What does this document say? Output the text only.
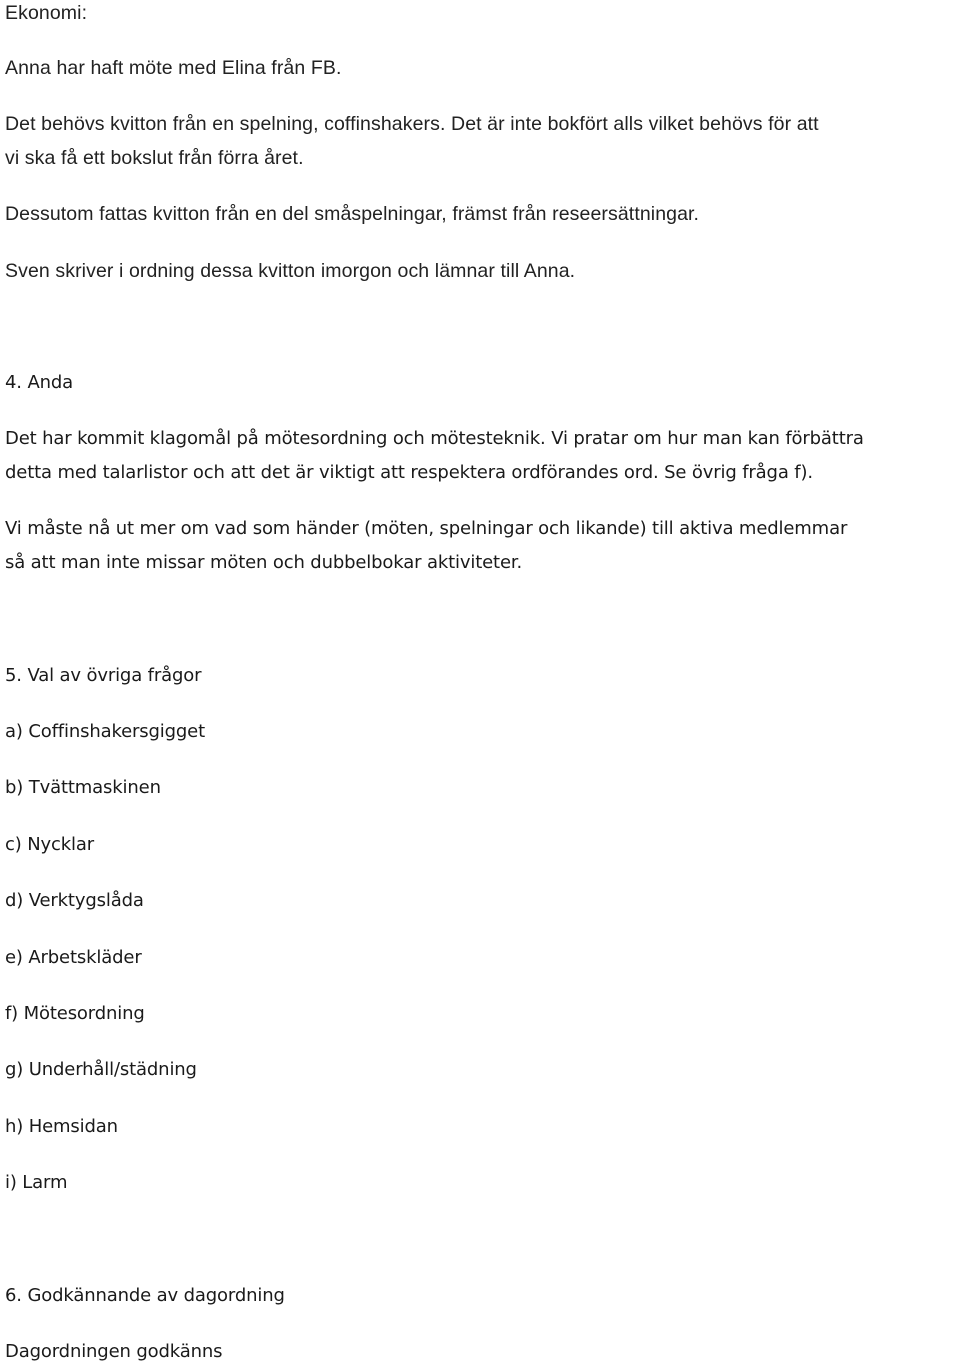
Ekonomi:

Anna har haft möte med Elina från FB.

Det behövs kvitton från en spelning, coffinshakers. Det är inte bokfört alls vilket behövs för att

vi ska få ett bokslut från förra året.

Dessutom fattas kvitton från en del småspelningar, främst från reseersättningar.

Sven skriver i ordning dessa kvitton imorgon och lämnar till Anna.

4. Anda

Det har kommit klagomål på mötesordning och mötesteknik. Vi pratar om hur man kan förbättra

detta med talarlistor och att det är viktigt att respektera ordförandes ord. Se övrig fråga f).

Vi måste nå ut mer om vad som händer (möten, spelningar och likande) till aktiva medlemmar

så att man inte missar möten och dubbelbokar aktiviteter.

5. Val av övriga frågor

a) Coffinshakersgigget

b) Tvättmaskinen

c) Nycklar

d) Verktygslåda

e) Arbetskläder

f) Mötesordning

g) Underhåll/städning

h) Hemsidan

i) Larm

6. Godkännande av dagordning

Dagordningen godkänns
